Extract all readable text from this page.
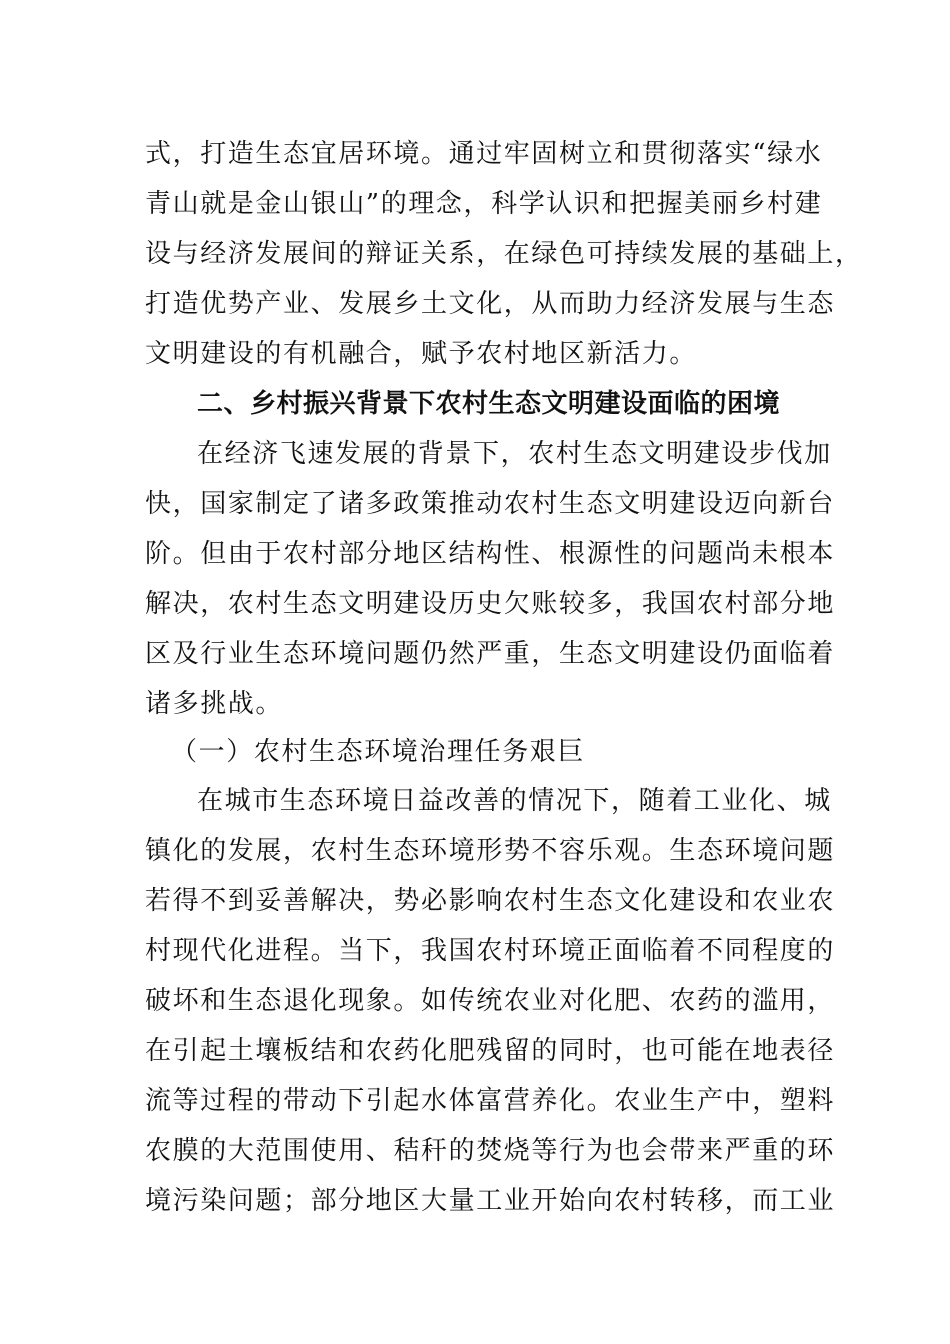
式，打造生态宜居环境。通过牢固树立和贯彻落实“绿水
青山就是金山银山”的理念，科学认识和把握美丽乡村建
设与经济发展间的辩证关系，在绿色可持续发展的基础上，
打造优势产业、发展乡土文化，从而助力经济发展与生态
文明建设的有机融合，赋予农村地区新活力。
二、乡村振兴背景下农村生态文明建设面临的困境
在经济飞速发展的背景下，农村生态文明建设步伐加
快，国家制定了诸多政策推动农村生态文明建设迈向新台
阶。但由于农村部分地区结构性、根源性的问题尚未根本
解决，农村生态文明建设历史欠账较多，我国农村部分地
区及行业生态环境问题仍然严重，生态文明建设仍面临着
诸多挑战。
（一）农村生态环境治理任务艰巨
在城市生态环境日益改善的情况下，随着工业化、城
镇化的发展，农村生态环境形势不容乐观。生态环境问题
若得不到妥善解决，势必影响农村生态文化建设和农业农
村现代化进程。当下，我国农村环境正面临着不同程度的
破坏和生态退化现象。如传统农业对化肥、农药的滥用，
在引起土壤板结和农药化肥残留的同时，也可能在地表径
流等过程的带动下引起水体富营养化。农业生产中，塑料
农膜的大范围使用、秸秆的焚烧等行为也会带来严重的环
境污染问题；部分地区大量工业开始向农村转移，而工业
